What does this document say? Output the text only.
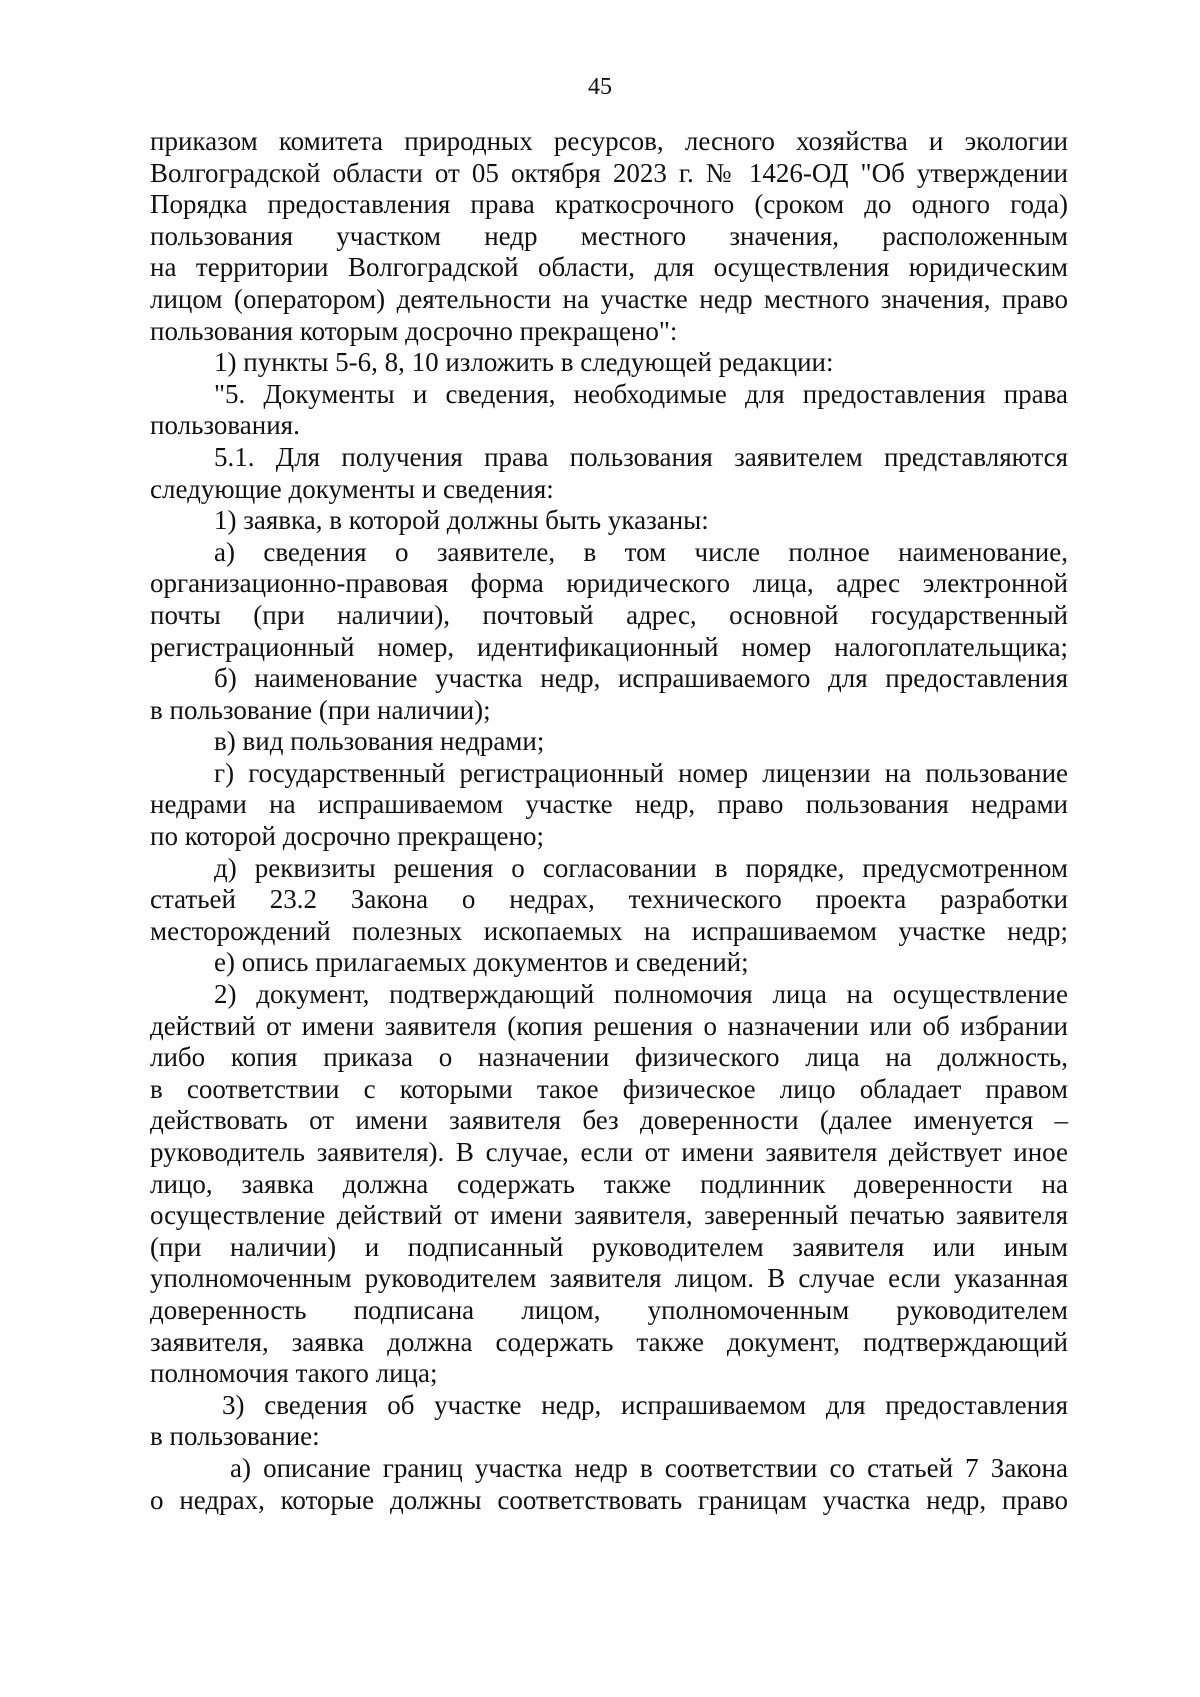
45
приказом комитета природных ресурсов, лесного хозяйства и экологии
Волгоградской области от 05 октября 2023 г. № 1426-ОД "Об утверждении
Порядка предоставления права краткосрочного (сроком до одного года)
пользования участком недр местного значения, расположенным
на территории Волгоградской области, для осуществления юридическим
лицом (оператором) деятельности на участке недр местного значения, право
пользования которым досрочно прекращено":
1) пункты 5-6, 8, 10 изложить в следующей редакции:
"5. Документы и сведения, необходимые для предоставления права
пользования.
5.1. Для получения права пользования заявителем представляются
следующие документы и сведения:
1) заявка, в которой должны быть указаны:
а) сведения о заявителе, в том числе полное наименование,
организационно-правовая форма юридического лица, адрес электронной
почты (при наличии), почтовый адрес, основной государственный
регистрационный номер, идентификационный номер налогоплательщика;
б) наименование участка недр, испрашиваемого для предоставления
в пользование (при наличии);
в) вид пользования недрами;
г) государственный регистрационный номер лицензии на пользование
недрами на испрашиваемом участке недр, право пользования недрами
по которой досрочно прекращено;
д) реквизиты решения о согласовании в порядке, предусмотренном
статьей 23.2 Закона о недрах, технического проекта разработки
месторождений полезных ископаемых на испрашиваемом участке недр;
е) опись прилагаемых документов и сведений;
2) документ, подтверждающий полномочия лица на осуществление
действий от имени заявителя (копия решения о назначении или об избрании
либо копия приказа о назначении физического лица на должность,
в соответствии с которыми такое физическое лицо обладает правом
действовать от имени заявителя без доверенности (далее именуется –
руководитель заявителя). В случае, если от имени заявителя действует иное
лицо, заявка должна содержать также подлинник доверенности на
осуществление действий от имени заявителя, заверенный печатью заявителя
(при наличии) и подписанный руководителем заявителя или иным
уполномоченным руководителем заявителя лицом. В случае если указанная
доверенность подписана лицом, уполномоченным руководителем
заявителя, заявка должна содержать также документ, подтверждающий
полномочия такого лица;
3) сведения об участке недр, испрашиваемом для предоставления
в пользование:
а) описание границ участка недр в соответствии со статьей 7 Закона
о недрах, которые должны соответствовать границам участка недр, право
